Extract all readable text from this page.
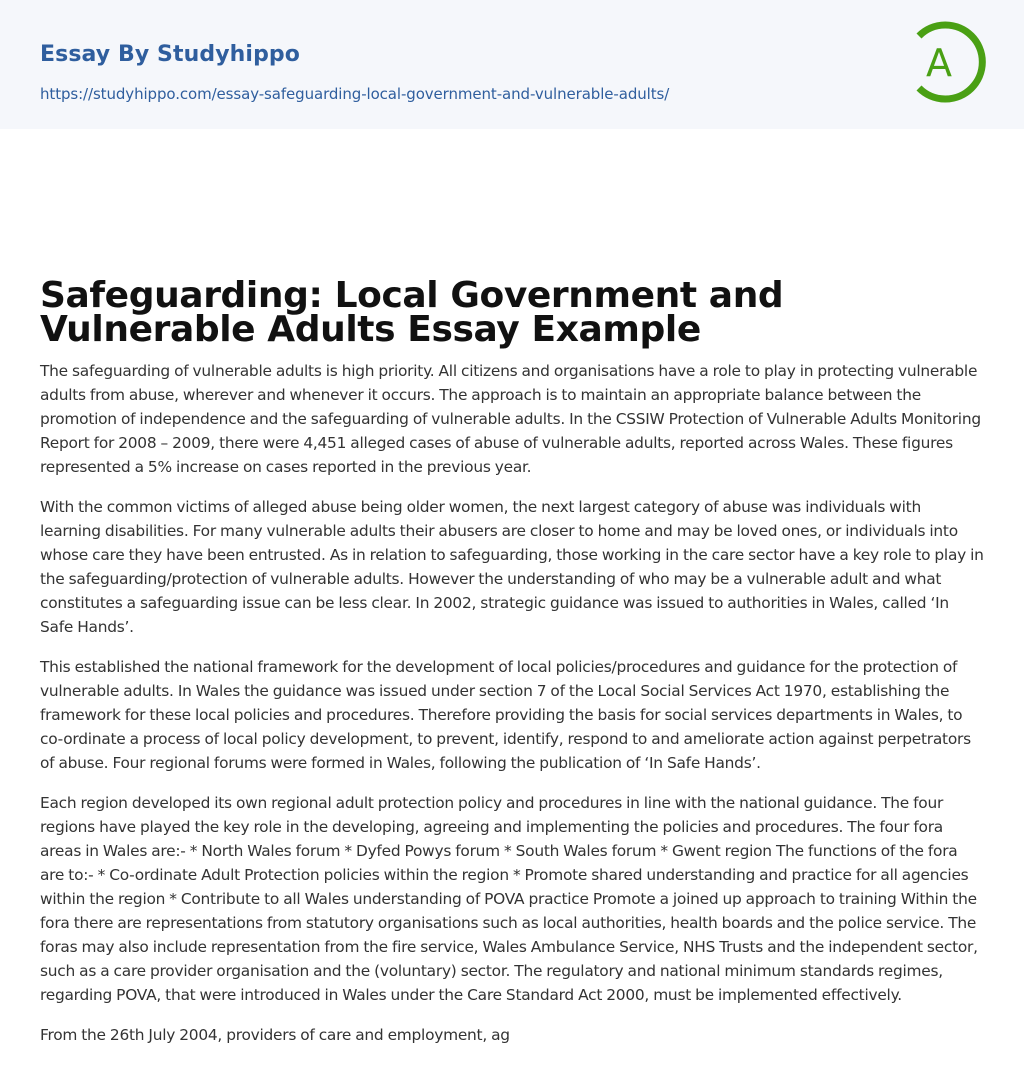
Essay By Studyhippo
https://studyhippo.com/essay-safeguarding-local-government-and-vulnerable-adults/
A
Safeguarding: Local Government and Vulnerable Adults Essay Example

The safeguarding of vulnerable adults is high priority. All citizens and organisations have a role to play in protecting vulnerable adults from abuse, wherever and whenever it occurs. The approach is to maintain an appropriate balance between the promotion of independence and the safeguarding of vulnerable adults. In the CSSIW Protection of Vulnerable Adults Monitoring Report for 2008 – 2009, there were 4,451 alleged cases of abuse of vulnerable adults, reported across Wales. These figures represented a 5% increase on cases reported in the previous year.

With the common victims of alleged abuse being older women, the next largest category of abuse was individuals with learning disabilities. For many vulnerable adults their abusers are closer to home and may be loved ones, or individuals into whose care they have been entrusted. As in relation to safeguarding, those working in the care sector have a key role to play in the safeguarding/protection of vulnerable adults. However the understanding of who may be a vulnerable adult and what constitutes a safeguarding issue can be less clear. In 2002, strategic guidance was issued to authorities in Wales, called ‘In Safe Hands’.

This established the national framework for the development of local policies/procedures and guidance for the protection of vulnerable adults. In Wales the guidance was issued under section 7 of the Local Social Services Act 1970, establishing the framework for these local policies and procedures. Therefore providing the basis for social services departments in Wales, to co-ordinate a process of local policy development, to prevent, identify, respond to and ameliorate action against perpetrators of abuse. Four regional forums were formed in Wales, following the publication of ‘In Safe Hands’.

Each region developed its own regional adult protection policy and procedures in line with the national guidance. The four regions have played the key role in the developing, agreeing and implementing the policies and procedures. The four fora areas in Wales are:- * North Wales forum * Dyfed Powys forum * South Wales forum * Gwent region The functions of the fora are to:- * Co-ordinate Adult Protection policies within the region * Promote shared understanding and practice for all agencies within the region * Contribute to all Wales understanding of POVA practice Promote a joined up approach to training Within the fora there are representations from statutory organisations such as local authorities, health boards and the police service. The foras may also include representation from the fire service, Wales Ambulance Service, NHS Trusts and the independent sector, such as a care provider organisation and the (voluntary) sector. The regulatory and national minimum standards regimes, regarding POVA, that were introduced in Wales under the Care Standard Act 2000, must be implemented effectively.

From the 26th July 2004, providers of care and employment, ag
